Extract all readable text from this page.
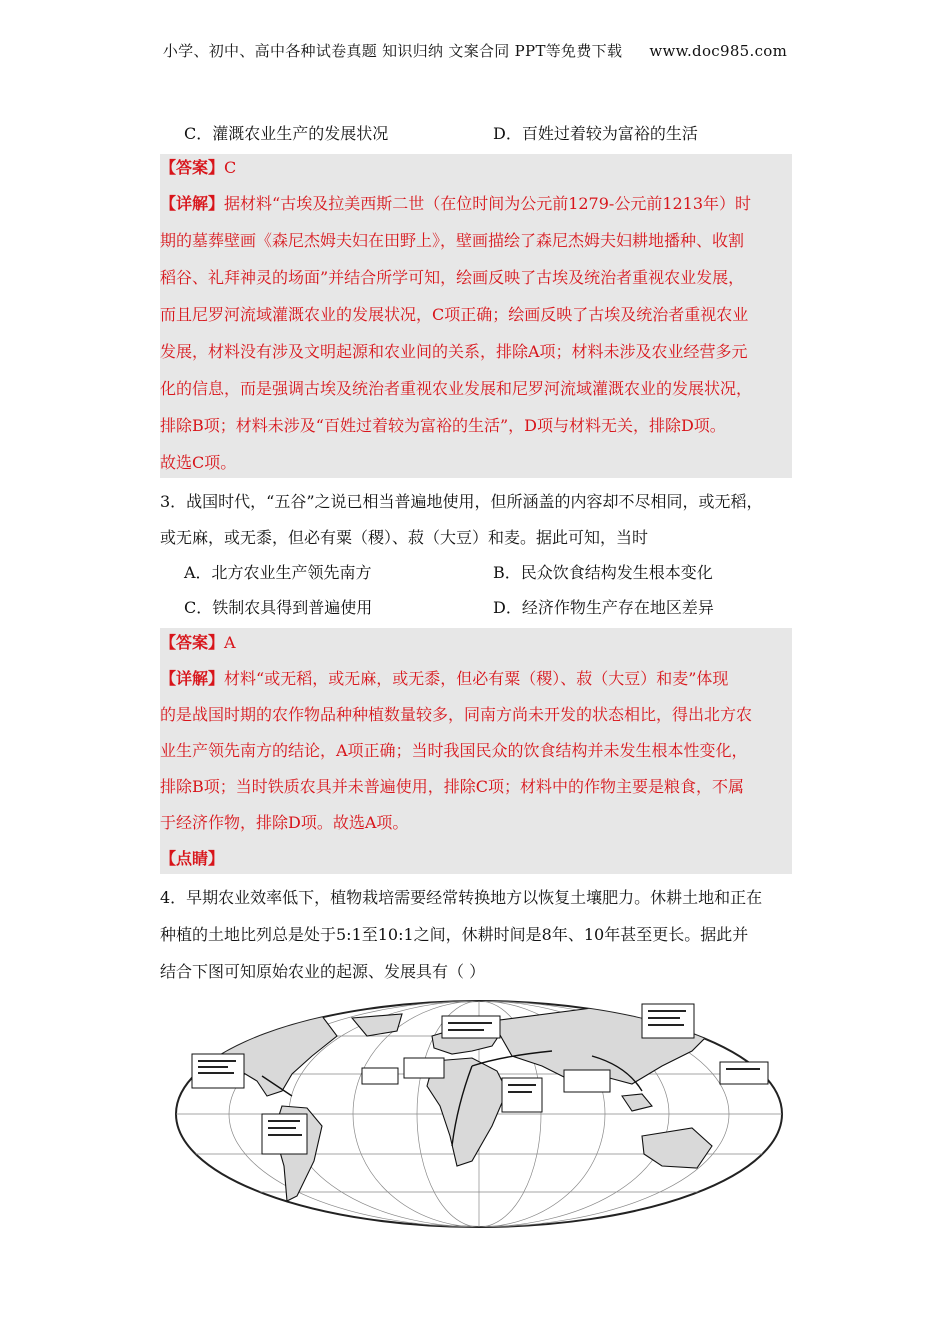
小学、初中、高中各种试卷真题 知识归纳 文案合同 PPT等免费下载 www.doc985.com
C．灌溉农业生产的发展状况	D．百姓过着较为富裕的生活
【答案】C
【详解】据材料“古埃及拉美西斯二世（在位时间为公元前1279-公元前1213年）时
期的墓葬壁画《森尼杰姆夫妇在田野上》，壁画描绘了森尼杰姆夫妇耕地播种、收割
稻谷、礼拜神灵的场面”并结合所学可知，绘画反映了古埃及统治者重视农业发展，
而且尼罗河流域灌溉农业的发展状况，C项正确；绘画反映了古埃及统治者重视农业
发展，材料没有涉及文明起源和农业间的关系，排除A项；材料未涉及农业经营多元
化的信息，而是强调古埃及统治者重视农业发展和尼罗河流域灌溉农业的发展状况，
排除B项；材料未涉及“百姓过着较为富裕的生活”，D项与材料无关，排除D项。
故选C项。
3．战国时代，“五谷”之说已相当普遍地使用，但所涵盖的内容却不尽相同，或无稻，
或无麻，或无黍，但必有粟（稷）、菽（大豆）和麦。据此可知，当时
A．北方农业生产领先南方	B．民众饮食结构发生根本变化
C．铁制农具得到普遍使用	D．经济作物生产存在地区差异
【答案】A
【详解】材料“或无稻，或无麻，或无黍，但必有粟（稷）、菽（大豆）和麦”体现
的是战国时期的农作物品种种植数量较多，同南方尚未开发的状态相比，得出北方农
业生产领先南方的结论，A项正确；当时我国民众的饮食结构并未发生根本性变化，
排除B项；当时铁质农具并未普遍使用，排除C项；材料中的作物主要是粮食，不属
于经济作物，排除D项。故选A项。
【点睛】
4．早期农业效率低下，植物栽培需要经常转换地方以恢复土壤肥力。休耕土地和正在
种植的土地比列总是处于5:1至10:1之间，休耕时间是8年、10年甚至更长。据此并
结合下图可知原始农业的起源、发展具有（ ）
